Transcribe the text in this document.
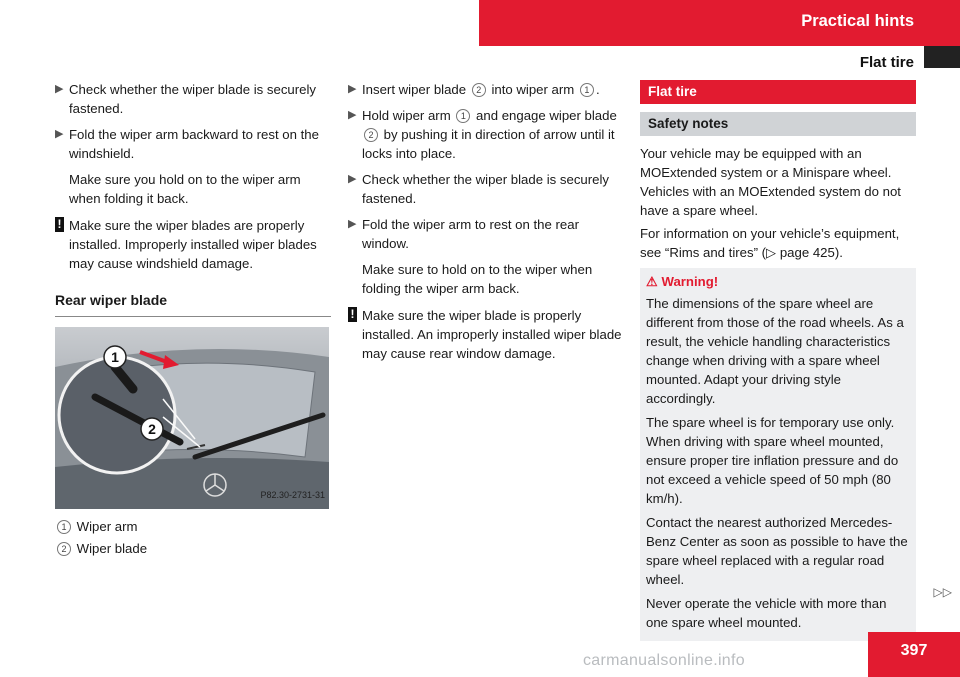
Practical hints
Flat tire
▶ Check whether the wiper blade is securely fastened.
▶ Fold the wiper arm backward to rest on the windshield.
Make sure you hold on to the wiper arm when folding it back.
! Make sure the wiper blades are properly installed. Improperly installed wiper blades may cause windshield damage.
Rear wiper blade
1
2
P82.30-2731-31
1 Wiper arm
2 Wiper blade
▶ Insert wiper blade 2 into wiper arm 1 .
▶ Hold wiper arm 1 and engage wiper blade 2 by pushing it in direction of arrow until it locks into place.
▶ Check whether the wiper blade is securely fastened.
▶ Fold the wiper arm to rest on the rear window.
Make sure to hold on to the wiper when folding the wiper arm back.
! Make sure the wiper blade is properly installed. An improperly installed wiper blade may cause rear window damage.
Flat tire
Safety notes

Your vehicle may be equipped with an MOExtended system or a Minispare wheel. Vehicles with an MOExtended system do not have a spare wheel.

For information on your vehicle’s equipment, see “Rims and tires” (▷ page 425).

⚠ Warning!

The dimensions of the spare wheel are different from those of the road wheels. As a result, the vehicle handling characteristics change when driving with a spare wheel mounted. Adapt your driving style accordingly.

The spare wheel is for temporary use only. When driving with spare wheel mounted, ensure proper tire inflation pressure and do not exceed a vehicle speed of 50 mph (80 km/h).

Contact the nearest authorized Mercedes-Benz Center as soon as possible to have the spare wheel replaced with a regular road wheel.

Never operate the vehicle with more than one spare wheel mounted.

▷▷
397
carmanualsonline.info
